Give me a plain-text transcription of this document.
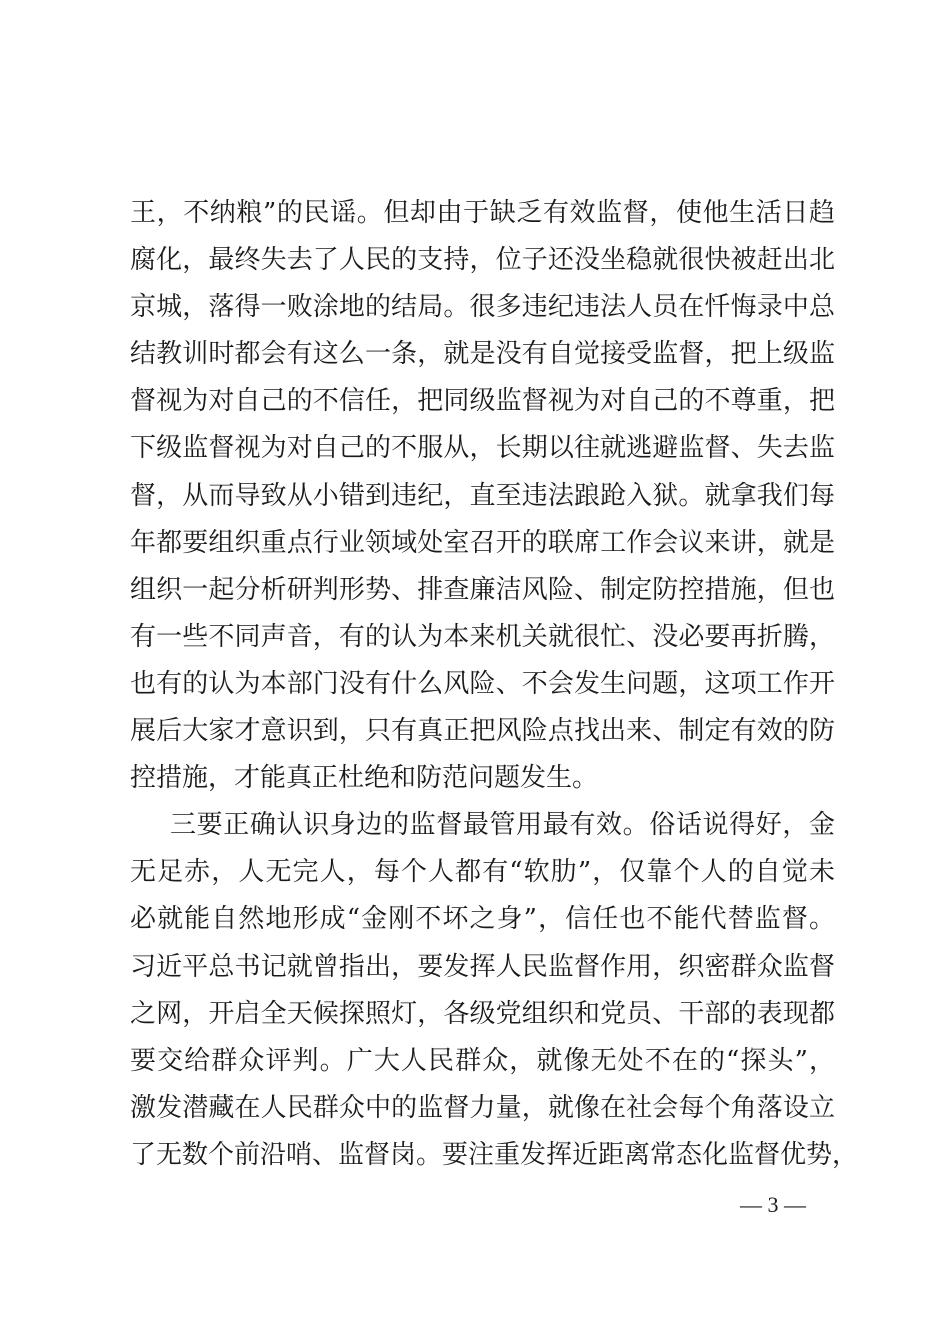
王，不纳粮”的民谣。但却由于缺乏有效监督，使他生活日趋
腐化，最终失去了人民的支持，位子还没坐稳就很快被赶出北
京城，落得一败涂地的结局。很多违纪违法人员在忏悔录中总
结教训时都会有这么一条，就是没有自觉接受监督，把上级监
督视为对自己的不信任，把同级监督视为对自己的不尊重，把
下级监督视为对自己的不服从，长期以往就逃避监督、失去监
督，从而导致从小错到违纪，直至违法踉跄入狱。就拿我们每
年都要组织重点行业领域处室召开的联席工作会议来讲，就是
组织一起分析研判形势、排查廉洁风险、制定防控措施，但也
有一些不同声音，有的认为本来机关就很忙、没必要再折腾，
也有的认为本部门没有什么风险、不会发生问题，这项工作开
展后大家才意识到，只有真正把风险点找出来、制定有效的防
控措施，才能真正杜绝和防范问题发生。
三要正确认识身边的监督最管用最有效。俗话说得好，金
无足赤，人无完人，每个人都有“软肋”，仅靠个人的自觉未
必就能自然地形成“金刚不坏之身”，信任也不能代替监督。
习近平总书记就曾指出，要发挥人民监督作用，织密群众监督
之网，开启全天候探照灯，各级党组织和党员、干部的表现都
要交给群众评判。广大人民群众，就像无处不在的“探头”，
激发潜藏在人民群众中的监督力量，就像在社会每个角落设立
了无数个前沿哨、监督岗。要注重发挥近距离常态化监督优势，
— 3 —
